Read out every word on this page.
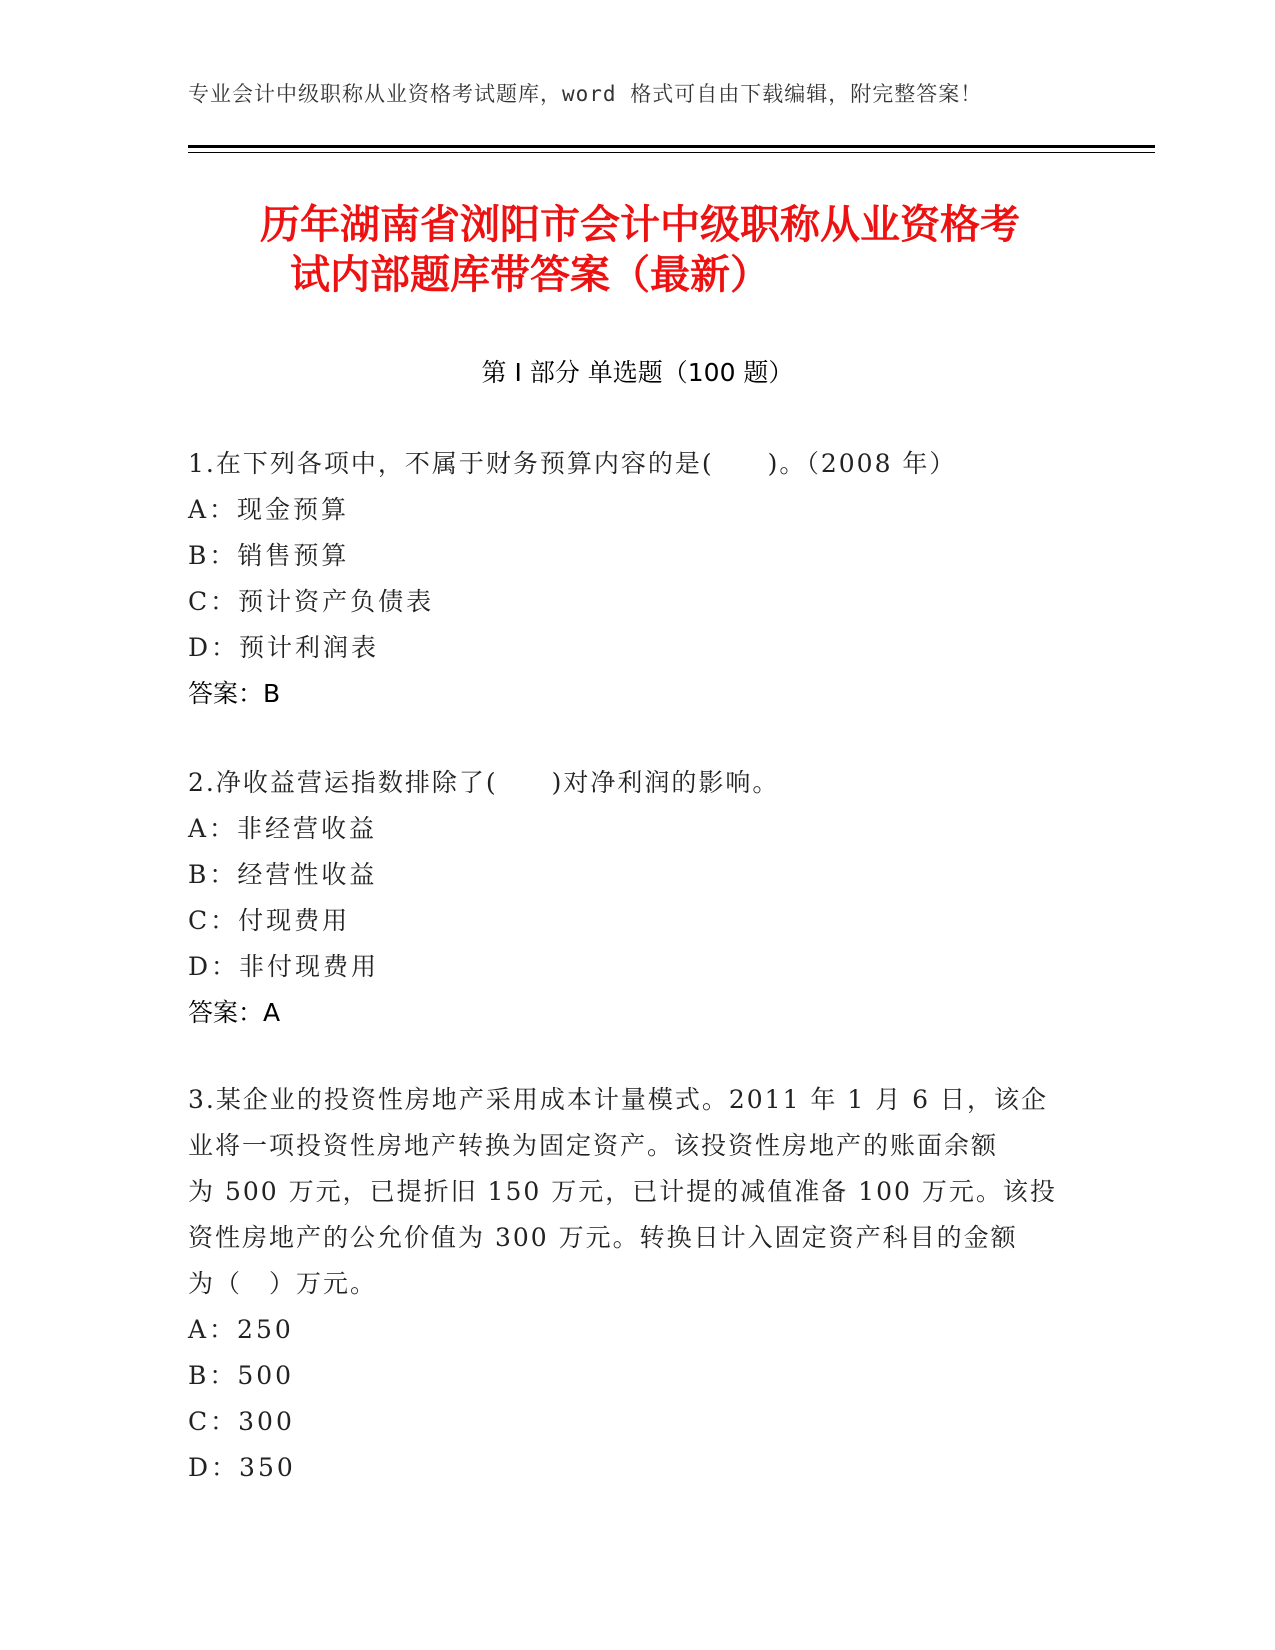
专业会计中级职称从业资格考试题库，word 格式可自由下载编辑，附完整答案！
历年湖南省浏阳市会计中级职称从业资格考
试内部题库带答案（最新）
第 I 部分 单选题（100 题）
1.在下列各项中，不属于财务预算内容的是(　　)。（2008 年）
A：现金预算
B：销售预算
C：预计资产负债表
D：预计利润表
答案：B
2.净收益营运指数排除了(　　)对净利润的影响。
A：非经营收益
B：经营性收益
C：付现费用
D：非付现费用
答案：A
3.某企业的投资性房地产采用成本计量模式。2011 年 1 月 6 日，该企
业将一项投资性房地产转换为固定资产。该投资性房地产的账面余额
为 500 万元，已提折旧 150 万元，已计提的减值准备 100 万元。该投
资性房地产的公允价值为 300 万元。转换日计入固定资产科目的金额
为（　）万元。
A：250
B：500
C：300
D：350
